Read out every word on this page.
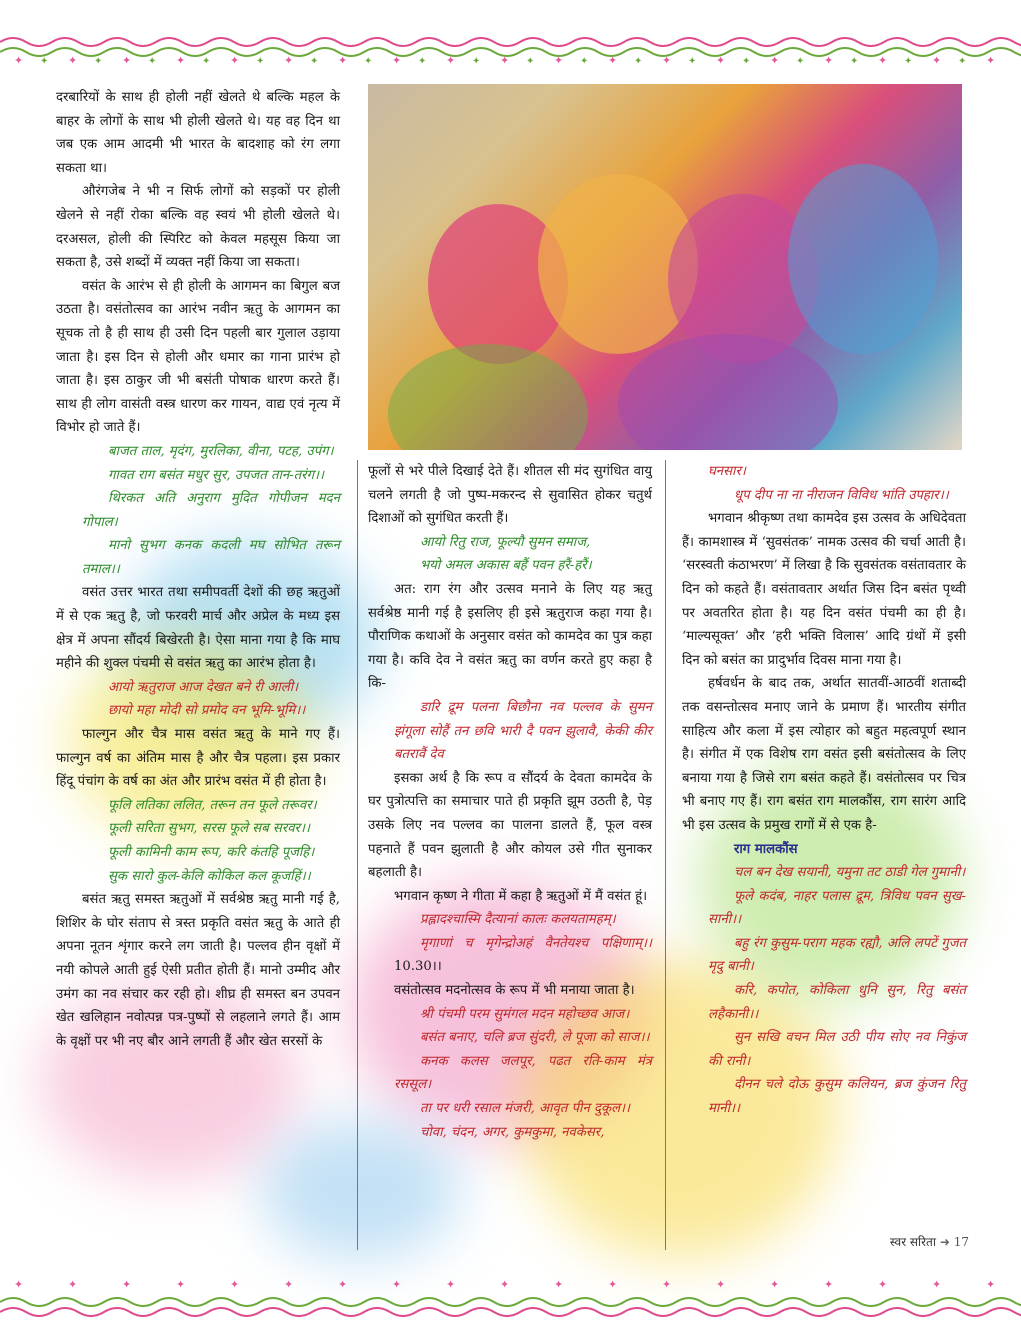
✦	✦	✦	✦	✦	✦	✦	✦	✦	✦	✦	✦	✦	✦	✦	✦	✦	✦	✦
✦	✦	✦	✦	✦	✦	✦	✦	✦	✦	✦	✦	✦	✦	✦	✦	✦	✦

दरबारियों के साथ ही होली नहीं खेलते थे बल्कि महल के बाहर के लोगों के साथ भी होली खेलते थे। यह वह दिन था जब एक आम आदमी भी भारत के बादशाह को रंग लगा सकता था।

औरंगजेब ने भी न सिर्फ लोगों को सड़कों पर होली खेलने से नहीं रोका बल्कि वह स्वयं भी होली खेलते थे। दरअसल, होली की स्पिरिट को केवल महसूस किया जा सकता है, उसे शब्दों में व्यक्त नहीं किया जा सकता।

वसंत के आरंभ से ही होली के आगमन का बिगुल बज उठता है। वसंतोत्सव का आरंभ नवीन ऋतु के आगमन का सूचक तो है ही साथ ही उसी दिन पहली बार गुलाल उड़ाया जाता है। इस दिन से होली और धमार का गाना प्रारंभ हो जाता है। इस ठाकुर जी भी बसंती पोषाक धारण करते हैं। साथ ही लोग वासंती वस्त्र धारण कर गायन, वाद्य एवं नृत्य में विभोर हो जाते हैं।

बाजत ताल, मृदंग, मुरलिका, वीना, पटह, उपंग।

गावत राग बसंत मधुर सुर, उपजत तान-तरंग।।

थिरकत अति अनुराग मुदित गोपीजन मदन गोपाल।

मानो सुभग कनक कदली मघ सोभित तरून तमाल।।

वसंत उत्तर भारत तथा समीपवर्ती देशों की छह ऋतुओं में से एक ऋतु है, जो फरवरी मार्च और अप्रेल के मध्य इस क्षेत्र में अपना सौंदर्य बिखेरती है। ऐसा माना गया है कि माघ महीने की शुक्ल पंचमी से वसंत ऋतु का आरंभ होता है।

आयो ऋतुराज आज देखत बने री आली।

छायो महा मोदी सो प्रमोद वन भूमि-भूमि।।

फाल्गुन और चैत्र मास वसंत ऋतु के माने गए हैं। फाल्गुन वर्ष का अंतिम मास है और चैत्र पहला। इस प्रकार हिंदू पंचांग के वर्ष का अंत और प्रारंभ वसंत में ही होता है।

फूलि लतिका ललित, तरून तन फूले तरूवर।

फूली सरिता सुभग, सरस फूले सब सरवर।।

फूली कामिनी काम रूप, करि कंतहि पूजहि।

सुक सारो कुल-केलि कोकिल कल कूजहिं।।

बसंत ऋतु समस्त ऋतुओं में सर्वश्रेष्ठ ऋतु मानी गई है, शिशिर के घोर संताप से त्रस्त प्रकृति वसंत ऋतु के आते ही अपना नूतन शृंगार करने लग जाती है। पल्लव हीन वृक्षों में नयी कोपले आती हुई ऐसी प्रतीत होती हैं। मानो उम्मीद और उमंग का नव संचार कर रही हो। शीघ्र ही समस्त बन उपवन खेत खलिहान नवोत्पन्न पत्र-पुष्पों से लहलाने लगते हैं। आम के वृक्षों पर भी नए बौर आने लगती हैं और खेत सरसों के

फूलों से भरे पीले दिखाई देते हैं। शीतल सी मंद सुगंधित वायु चलने लगती है जो पुष्प-मकरन्द से सुवासित होकर चतुर्थ दिशाओं को सुगंधित करती हैं।

आयो रितु राज, फूल्यौ सुमन समाज,

भयो अमल अकास बहैं पवन हरैं-हरैं।

अत: राग रंग और उत्सव मनाने के लिए यह ऋतु सर्वश्रेष्ठ मानी गई है इसलिए ही इसे ऋतुराज कहा गया है। पौराणिक कथाओं के अनुसार वसंत को कामदेव का पुत्र कहा गया है। कवि देव ने वसंत ऋतु का वर्णन करते हुए कहा है कि-

डारि द्रूम पलना बिछौना नव पल्लव के सुमन झंगूला सोहैं तन छवि भारी दै पवन झुलावै, केकी कीर बतरावैं देव

इसका अर्थ है कि रूप व सौंदर्य के देवता कामदेव के घर पुत्रोत्पत्ति का समाचार पाते ही प्रकृति झूम उठती है, पेड़ उसके लिए नव पल्लव का पालना डालते हैं, फूल वस्त्र पहनाते हैं पवन झुलाती है और कोयल उसे गीत सुनाकर बहलाती है।

भगवान कृष्ण ने गीता में कहा है ऋतुओं में मैं वसंत हूं।

प्रह्लादश्चास्मि दैत्यानां कालः कलयतामहम्।

मृगाणां च मृगेन्द्रोअहं वैनतेयश्च पक्षिणाम्।। 10.30।।

वसंतोत्सव मदनोत्सव के रूप में भी मनाया जाता है।

श्री पंचमी परम सुमंगल मदन महोच्छव आज।

बसंत बनाए, चलि ब्रज सुंदरी, ले पूजा को साज।।

कनक कलस जलपूर, पढत रति-काम मंत्र रससूल।

ता पर धरी रसाल मंजरी, आवृत पीन दुकूल।।

चोवा, चंदन, अगर, कुमकुमा, नवकेसर,

घनसार।

धूप दीप ना ना नीराजन विविध भांति उपहार।।

भगवान श्रीकृष्ण तथा कामदेव इस उत्सव के अधिदेवता हैं। कामशास्त्र में ‘सुवसंतक’ नामक उत्सव की चर्चा आती है। ‘सरस्वती कंठाभरण’ में लिखा है कि सुवसंतक वसंतावतार के दिन को कहते हैं। वसंतावतार अर्थात जिस दिन बसंत पृथ्वी पर अवतरित होता है। यह दिन वसंत पंचमी का ही है। ‘माल्यसूक्त’ और ‘हरी भक्ति विलास’ आदि ग्रंथों में इसी दिन को बसंत का प्रादुर्भाव दिवस माना गया है।

हर्षवर्धन के बाद तक, अर्थात सातवीं-आठवीं शताब्दी तक वसन्तोत्सव मनाए जाने के प्रमाण हैं। भारतीय संगीत साहित्य और कला में इस त्योहार को बहुत महत्वपूर्ण स्थान है। संगीत में एक विशेष राग वसंत इसी बसंतोत्सव के लिए बनाया गया है जिसे राग बसंत कहते हैं। वसंतोत्सव पर चित्र भी बनाए गए हैं। राग बसंत राग मालकौंस, राग सारंग आदि भी इस उत्सव के प्रमुख रागों में से एक है-

राग मालकौंस

चल बन देख सयानी, यमुना तट ठाडी गेल गुमानी।

फूले कदंब, नाहर पलास द्रूम, त्रिविध पवन सुख-सानी।।

बहु रंग कुसुम-पराग महक रह्यौ, अलि लपटें गुजत मृदु बानी।

करि, कपोत, कोकिला धुनि सुन, रितु बसंत लहैकानी।।

सुन सखि वचन मिल उठी पीय सोए नव निकुंज की रानी।

दीनन चले दोऊ कुसुम कलियन, ब्रज कुंजन रितु मानी।।

स्वर सरिता ➜ 17
✦	✦	✦	✦	✦	✦	✦	✦	✦	✦	✦	✦	✦	✦	✦	✦	✦	✦	✦
